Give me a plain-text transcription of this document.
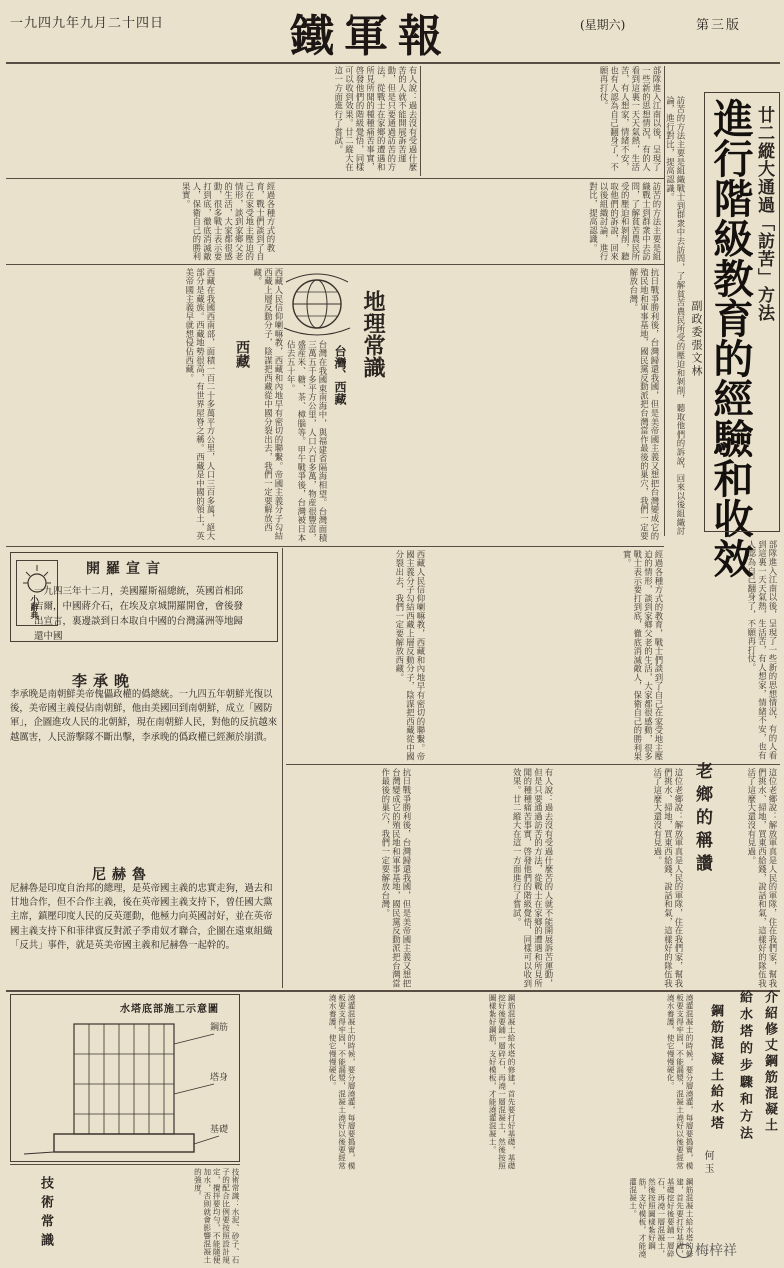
一九四九年九月二十四日	鐵軍報	(星期六)	第三版
有人說：過去沒有受過什麼苦的人就不能開展訴苦運動，但是只要通過訪苦的方法，從戰士在家鄉的遭遇和所見所聞的種種痛苦事實，啓發他們的階級覺悟，同樣可以收到效果。廿二縱大在這一方面進行了嘗試。	部隊進入江南以後，呈現了一些新的思想情況，有的人看到這裏一天天氣熱，生活苦，有人想家，情緒不安，也有人認為自己翻身了，不願再打仗。
廿二縱大通過「訪苦」方法
進行階級教育的經驗和收效
副政委張文林
訪苦的方法主要是組織戰士到群衆中去訪問，了解貧苦農民所受的壓迫和剝削，聽取他們的訴說，回來以後組織討論，進行對比，提高認識。
經過各種方式的教育，戰士們談到了自己在家受地主壓迫的情形，談到家鄉父老的生活，大家都很感動，很多戰士表示要打到底，徹底消滅敵人，保衛自己的勝利果實。	訪苦的方法主要是組織戰士到群衆中去訪問，了解貧苦農民所受的壓迫和剝削，聽取他們的訴說，回來以後組織討論，進行對比，提高認識。
西藏在我國西南部，面積一百二十多萬平方公里，人口三百多萬，絕大部分是藏族。西藏地勢很高，有世界屋脊之稱。西藏是中國的領土，英美帝國主義早就想侵佔西藏。	西藏	西藏人民信仰喇嘛教，西藏和內地早有密切的聯繫。帝國主義分子勾結西藏上層反動分子，陰謀把西藏從中國分裂出去，我們一定要解放西藏。
地理常識
台灣、西藏
台灣在我國東南海中，與福建省隔海相望。台灣面積三萬五千多平方公里，人口六百多萬，物産很豐富，盛産米、糖、茶、樟腦等。甲午戰爭後，台灣被日本佔去五十年。	抗日戰爭勝利後，台灣歸還我國，但是美帝國主義又想把台灣變成它的殖民地和軍事基地，國民黨反動派把台灣當作最後的巢穴，我們一定要解放台灣。
部隊進入江南以後，呈現了一些新的思想情況，有的人看到這裏一天天氣熱，生活苦，有人想家，情緒不安，也有人認為自己翻身了，不願再打仗。
小辭典
開羅宣言
一九四三年十二月，美國羅斯福總統，英國首相邱吉爾，中國蔣介石，在埃及京城開羅開會，會後發出宣言，裏邊談到日本取自中國的台灣滿洲等地歸還中國
李承晚
李承晚是南朝鮮美帝傀儡政權的僞總統。一九四五年朝鮮光復以後，美帝國主義侵佔南朝鮮，他由美國回到南朝鮮，成立「國防軍」，企圖進攻人民的北朝鮮，現在南朝鮮人民，對他的反抗越來越厲害，人民游擊隊不斷出擊，李承晚的僞政權已經瀕於崩潰。
尼赫魯
尼赫魯是印度自治邦的總理，是英帝國主義的忠實走狗，過去和甘地合作，但不合作主義，後在英帝國主義支持下，曾任國大黨主席，鎮壓印度人民的反英運動，他極力向英國討好，並在英帝國主義支持下和菲律賓反對派子季甫奴才聯合，企圖在遠東組織「反共」事件，就是英美帝國主義和尼赫魯一起幹的。
西藏人民信仰喇嘛教，西藏和內地早有密切的聯繫。帝國主義分子勾結西藏上層反動分子，陰謀把西藏從中國分裂出去，我們一定要解放西藏。	經過各種方式的教育，戰士們談到了自己在家受地主壓迫的情形，談到家鄉父老的生活，大家都很感動，很多戰士表示要打到底，徹底消滅敵人，保衛自己的勝利果實。
抗日戰爭勝利後，台灣歸還我國，但是美帝國主義又想把台灣變成它的殖民地和軍事基地，國民黨反動派把台灣當作最後的巢穴，我們一定要解放台灣。	有人說：過去沒有受過什麼苦的人就不能開展訴苦運動，但是只要通過訪苦的方法，從戰士在家鄉的遭遇和所見所聞的種種痛苦事實，啓發他們的階級覺悟，同樣可以收到效果。廿二縱大在這一方面進行了嘗試。	這位老鄉說：解放軍真是人民的軍隊，住在我們家，幫我們挑水、掃地，買東西給錢，說話和氣，這樣好的隊伍我活了這麼大還沒有見過。	老鄉的稱讚	這位老鄉說：解放軍真是人民的軍隊，住在我們家，幫我們挑水、掃地，買東西給錢，說話和氣，這樣好的隊伍我活了這麼大還沒有見過。
水塔底部施工示意圖
鋼筋
塔身
基礎	澆灌混凝土的時候，要分層澆灌，每層要搗實，模板要支得牢固，不能漏漿，混凝土澆好以後要經常澆水養護，使它慢慢硬化。	鋼筋混凝土給水塔的修建，首先要打好基礎，基礎挖好後要鋪一層碎石，再澆一層混凝土，然後按照圖樣紮好鋼筋，支好模板，才能澆灌混凝土。	澆灌混凝土的時候，要分層澆灌，每層要搗實，模板要支得牢固，不能漏漿，混凝土澆好以後要經常澆水養護，使它慢慢硬化。	介紹修丈鋼筋混凝土
給水塔的步驟和方法
鋼筋混凝土給水塔
何玉
技術常識	技術常識：水泥、砂子、石子的配合比例要按照設計規定，攪拌要均勻，不能隨便加水，否則就會影響混凝土的強度。	鋼筋混凝土給水塔的修建，首先要打好基礎，基礎挖好後要鋪一層碎石，再澆一層混凝土，然後按照圖樣紮好鋼筋，支好模板，才能澆灌混凝土。
梅梓祥
